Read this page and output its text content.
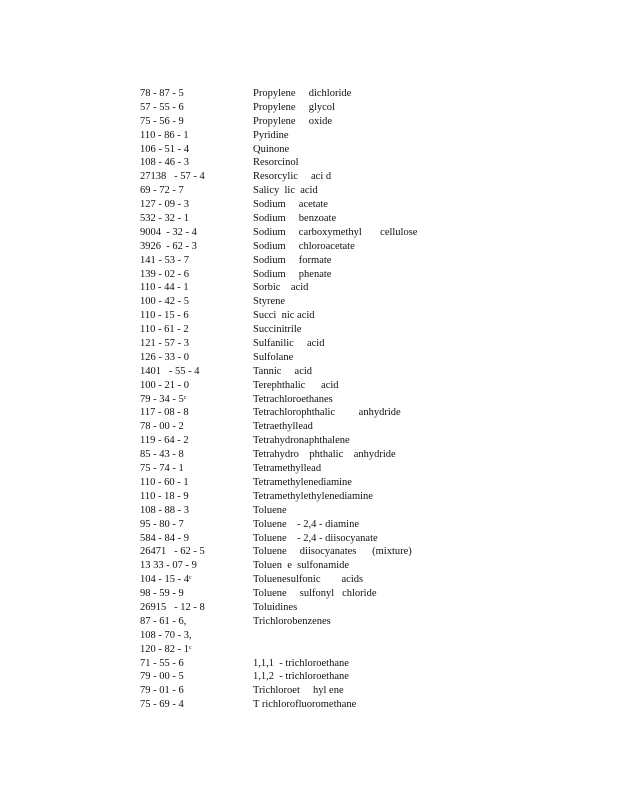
78 - 87 - 5	Propylene     dichloride
57 - 55 - 6	Propylene     glycol
75 - 56 - 9	Propylene     oxide
110 - 86 - 1	Pyridine
106 - 51 - 4	Quinone
108 - 46 - 3	Resorcinol
27138   - 57 - 4	Resorcylic     aci d
69 - 72 - 7	Salicy  lic  acid
127 - 09 - 3	Sodium     acetate
532 - 32 - 1	Sodium     benzoate
9004  - 32 - 4	Sodium     carboxymethyl       cellulose
3926  - 62 - 3	Sodium     chloroacetate
141 - 53 - 7	Sodium     formate
139 - 02 - 6	Sodium     phenate
110 - 44 - 1	Sorbic    acid
100 - 42 - 5	Styrene
110 - 15 - 6	Succi  nic acid
110 - 61 - 2	Succinitrile
121 - 57 - 3	Sulfanilic     acid
126 - 33 - 0	Sulfolane
1401   - 55 - 4	Tannic     acid
100 - 21 - 0	Terephthalic      acid
79 - 34 - 5ᶜ	Tetrachloroethanes
117 - 08 - 8	Tetrachlorophthalic         anhydride
78 - 00 - 2	Tetraethyllead
119 - 64 - 2	Tetrahydronaphthalene
85 - 43 - 8	Tetrahydro    phthalic    anhydride
75 - 74 - 1	Tetramethyllead
110 - 60 - 1	Tetramethylenediamine
110 - 18 - 9	Tetramethylethylenediamine
108 - 88 - 3	Toluene
95 - 80 - 7	Toluene    - 2,4 - diamine
584 - 84 - 9	Toluene    - 2,4 - diisocyanate
26471   - 62 - 5	Toluene     diisocyanates      (mixture)
13 33 - 07 - 9	Toluen  e  sulfonamide
104 - 15 - 4ᶜ	Toluenesulfonic        acids
98 - 59 - 9	Toluene     sulfonyl   chloride
26915   - 12 - 8	Toluidines
87 - 61 - 6,	Trichlorobenzenes
108 - 70 - 3,
120 - 82 - 1ᶜ
71 - 55 - 6	1,1,1  - trichloroethane
79 - 00 - 5	1,1,2  - trichloroethane
79 - 01 - 6	Trichloroet     hyl ene
75 - 69 - 4	T richlorofluoromethane
